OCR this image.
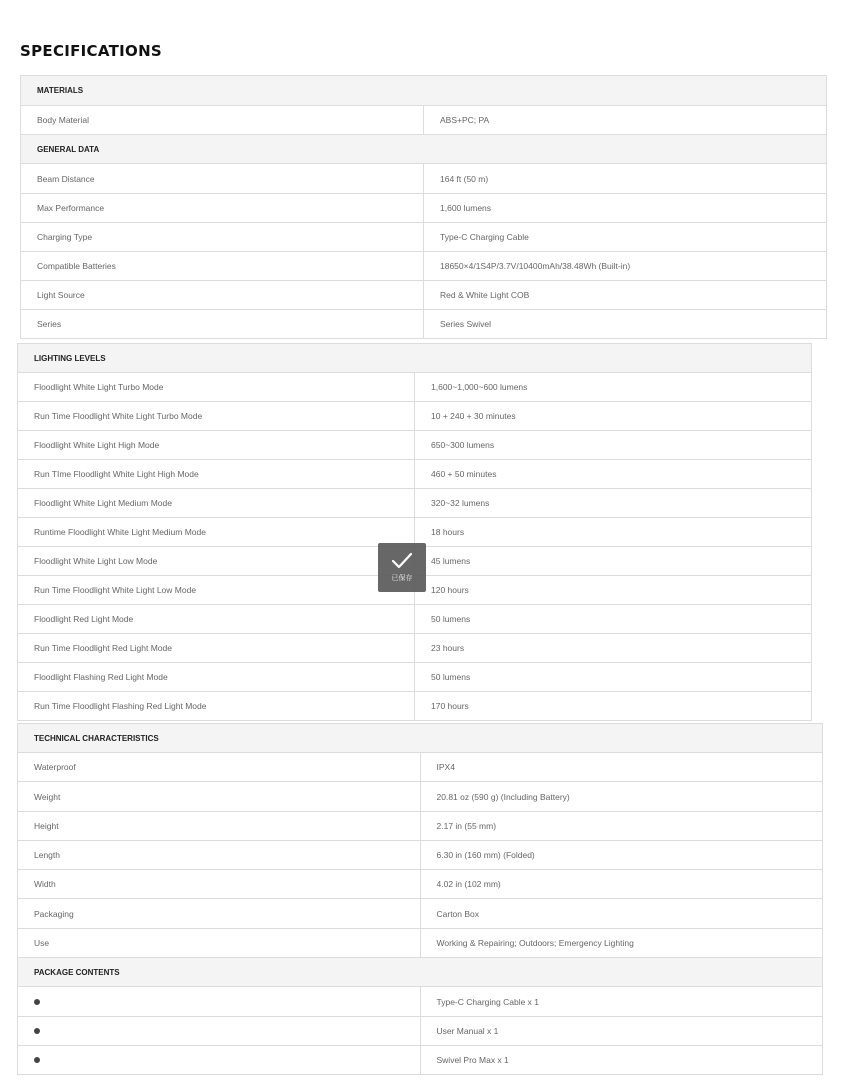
SPECIFICATIONS
MATERIALS	
Body Material	ABS+PC; PA
GENERAL DATA	
Beam Distance	164 ft (50 m)
Max Performance	1,600 lumens
Charging Type	Type-C Charging Cable
Compatible Batteries	18650×4/1S4P/3.7V/10400mAh/38.48Wh (Built-in)
Light Source	Red & White Light COB
Series	Series Swivel
LIGHTING LEVELS	
Floodlight White Light Turbo Mode	1,600~1,000~600 lumens
Run Time Floodlight White Light Turbo Mode	10 + 240 + 30 minutes
Floodlight White Light High Mode	650~300 lumens
Run TIme Floodlight White Light High Mode	460 + 50 minutes
Floodlight White Light Medium Mode	320~32 lumens
Runtime Floodlight White Light Medium Mode	18 hours
Floodlight White Light Low Mode	45 lumens
Run Time Floodlight White Light Low Mode	120 hours
Floodlight Red Light Mode	50 lumens
Run Time Floodlight Red Light Mode	23 hours
Floodlight Flashing Red Light Mode	50 lumens
Run Time Floodlight Flashing Red Light Mode	170 hours
TECHNICAL CHARACTERISTICS	
Waterproof	IPX4
Weight	20.81 oz (590 g) (Including Battery)
Height	2.17 in (55 mm)
Length	6.30 in (160 mm) (Folded)
Width	4.02 in (102 mm)
Packaging	Carton Box
Use	Working & Repairing; Outdoors; Emergency Lighting
PACKAGE CONTENTS	
	Type-C Charging Cable x 1
	User Manual x 1
	Swivel Pro Max x 1
已保存
